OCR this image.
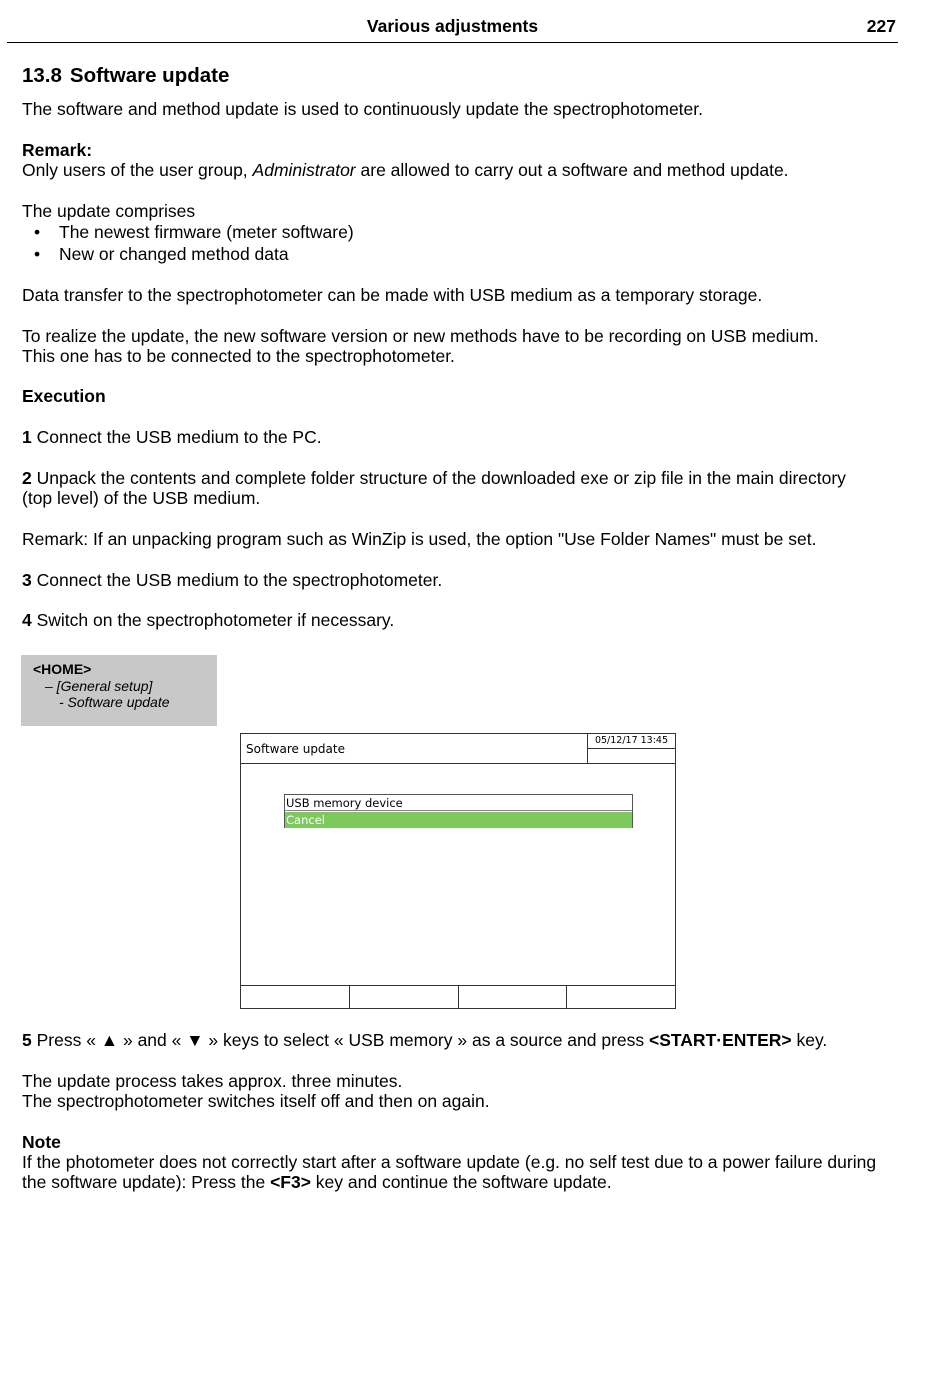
Various adjustments	227
13.8 Software update
The software and method update is used to continuously update the spectrophotometer.
Remark:
Only users of the user group, Administrator are allowed to carry out a software and method update.
The update comprises
• The newest firmware (meter software)
• New or changed method data
Data transfer to the spectrophotometer can be made with USB medium as a temporary storage.
To realize the update, the new software version or new methods have to be recording on USB medium.
This one has to be connected to the spectrophotometer.
Execution
1 Connect the USB medium to the PC.
2 Unpack the contents and complete folder structure of the downloaded exe or zip file in the main directory
(top level) of the USB medium.
Remark: If an unpacking program such as WinZip is used, the option "Use Folder Names" must be set.
3 Connect the USB medium to the spectrophotometer.
4 Switch on the spectrophotometer if necessary.
<HOME>
– [General setup]
- Software update
Software update
05/12/17 13:45
USB memory device
Cancel
5 Press « ▲ » and « ▼ » keys to select « USB memory » as a source and press <START·ENTER> key.
The update process takes approx. three minutes.
The spectrophotometer switches itself off and then on again.
Note
If the photometer does not correctly start after a software update (e.g. no self test due to a power failure during
the software update): Press the <F3> key and continue the software update.
